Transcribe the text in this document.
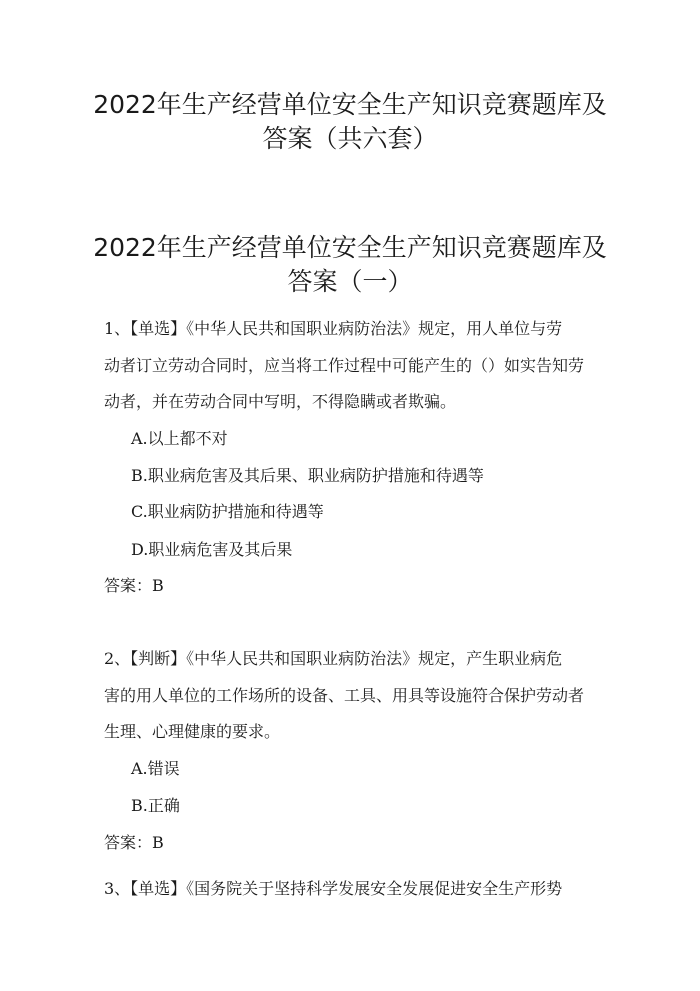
2022年生产经营单位安全生产知识竞赛题库及
答案（共六套）
2022年生产经营单位安全生产知识竞赛题库及
答案（一）

1、【单选】《中华人民共和国职业病防治法》规定，用人单位与劳

动者订立劳动合同时，应当将工作过程中可能产生的（）如实告知劳

动者，并在劳动合同中写明，不得隐瞒或者欺骗。

A.以上都不对

B.职业病危害及其后果、职业病防护措施和待遇等

C.职业病防护措施和待遇等

D.职业病危害及其后果

答案：B

2、【判断】《中华人民共和国职业病防治法》规定，产生职业病危

害的用人单位的工作场所的设备、工具、用具等设施符合保护劳动者

生理、心理健康的要求。

A.错误

B.正确

答案：B

3、【单选】《国务院关于坚持科学发展安全发展促进安全生产形势
